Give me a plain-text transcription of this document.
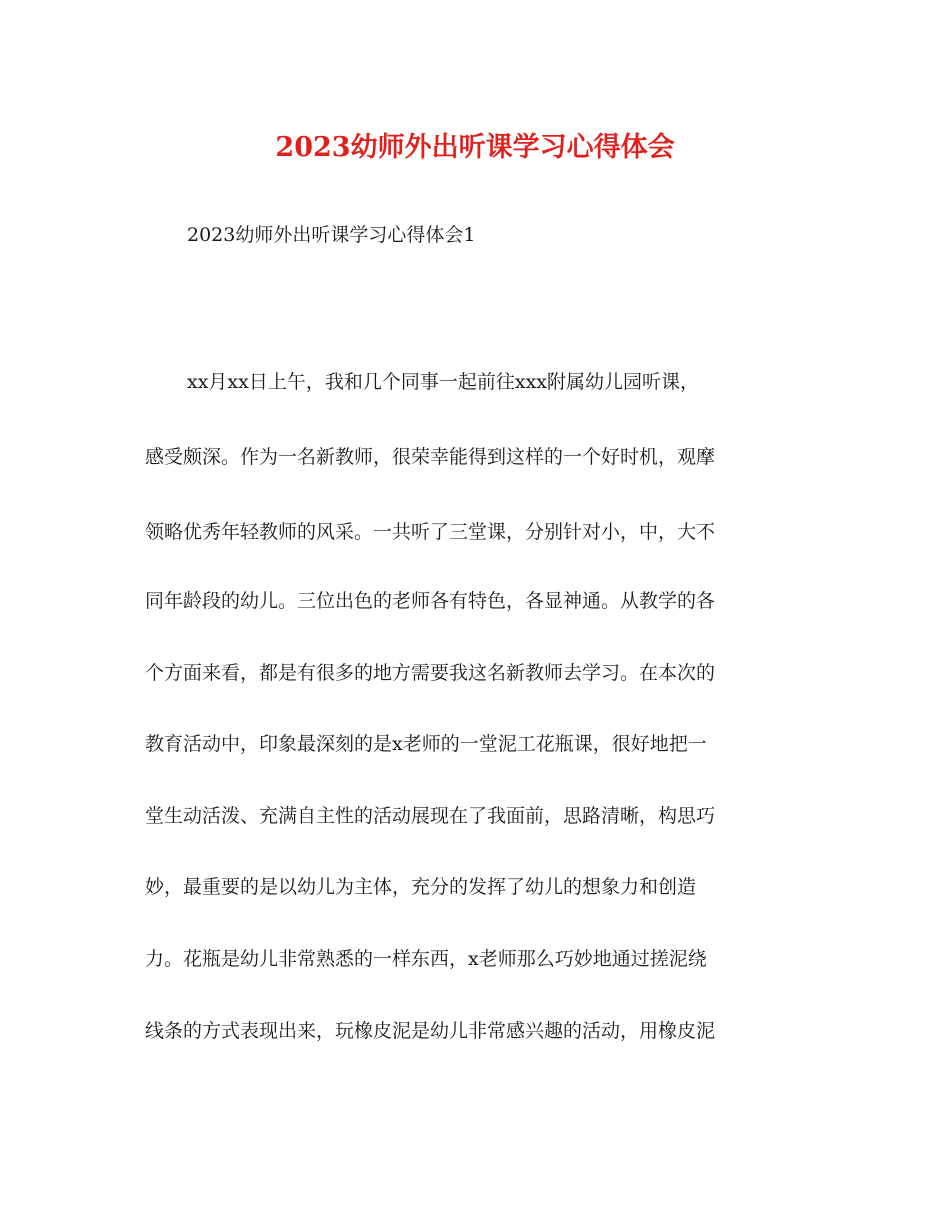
2023幼师外出听课学习心得体会

2023幼师外出听课学习心得体会1

xx月xx日上午，我和几个同事一起前往xxx附属幼儿园听课，

感受颇深。作为一名新教师，很荣幸能得到这样的一个好时机，观摩

领略优秀年轻教师的风采。一共听了三堂课，分别针对小，中，大不

同年龄段的幼儿。三位出色的老师各有特色，各显神通。从教学的各

个方面来看，都是有很多的地方需要我这名新教师去学习。在本次的

教育活动中，印象最深刻的是x老师的一堂泥工花瓶课，很好地把一

堂生动活泼、充满自主性的活动展现在了我面前，思路清晰，构思巧

妙，最重要的是以幼儿为主体，充分的发挥了幼儿的想象力和创造

力。花瓶是幼儿非常熟悉的一样东西，x老师那么巧妙地通过搓泥绕

线条的方式表现出来，玩橡皮泥是幼儿非常感兴趣的活动，用橡皮泥
